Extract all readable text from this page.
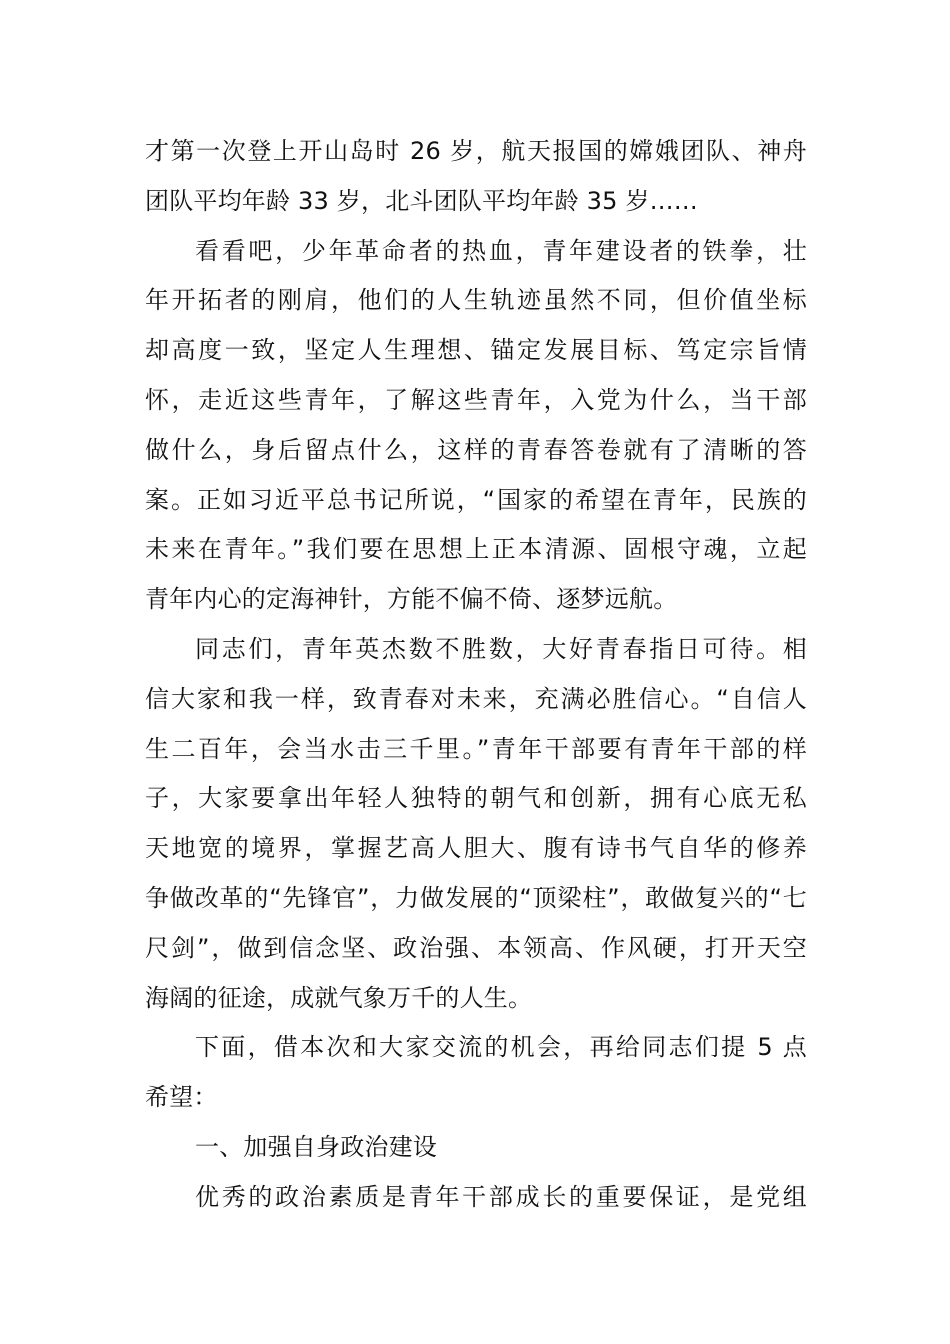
才第一次登上开山岛时 26 岁，航天报国的嫦娥团队、神舟
团队平均年龄 33 岁，北斗团队平均年龄 35 岁……

看看吧，少年革命者的热血，青年建设者的铁拳，壮
年开拓者的刚肩，他们的人生轨迹虽然不同，但价值坐标
却高度一致，坚定人生理想、锚定发展目标、笃定宗旨情
怀，走近这些青年，了解这些青年，入党为什么，当干部
做什么，身后留点什么，这样的青春答卷就有了清晰的答
案。正如习近平总书记所说，“国家的希望在青年，民族的
未来在青年。”我们要在思想上正本清源、固根守魂，立起
青年内心的定海神针，方能不偏不倚、逐梦远航。

同志们，青年英杰数不胜数，大好青春指日可待。相
信大家和我一样，致青春对未来，充满必胜信心。“自信人
生二百年，会当水击三千里。”青年干部要有青年干部的样
子，大家要拿出年轻人独特的朝气和创新，拥有心底无私
天地宽的境界，掌握艺高人胆大、腹有诗书气自华的修养
争做改革的“先锋官”，力做发展的“顶梁柱”，敢做复兴的“七
尺剑”，做到信念坚、政治强、本领高、作风硬，打开天空
海阔的征途，成就气象万千的人生。

下面，借本次和大家交流的机会，再给同志们提 5 点
希望：

一、加强自身政治建设

优秀的政治素质是青年干部成长的重要保证，是党组
